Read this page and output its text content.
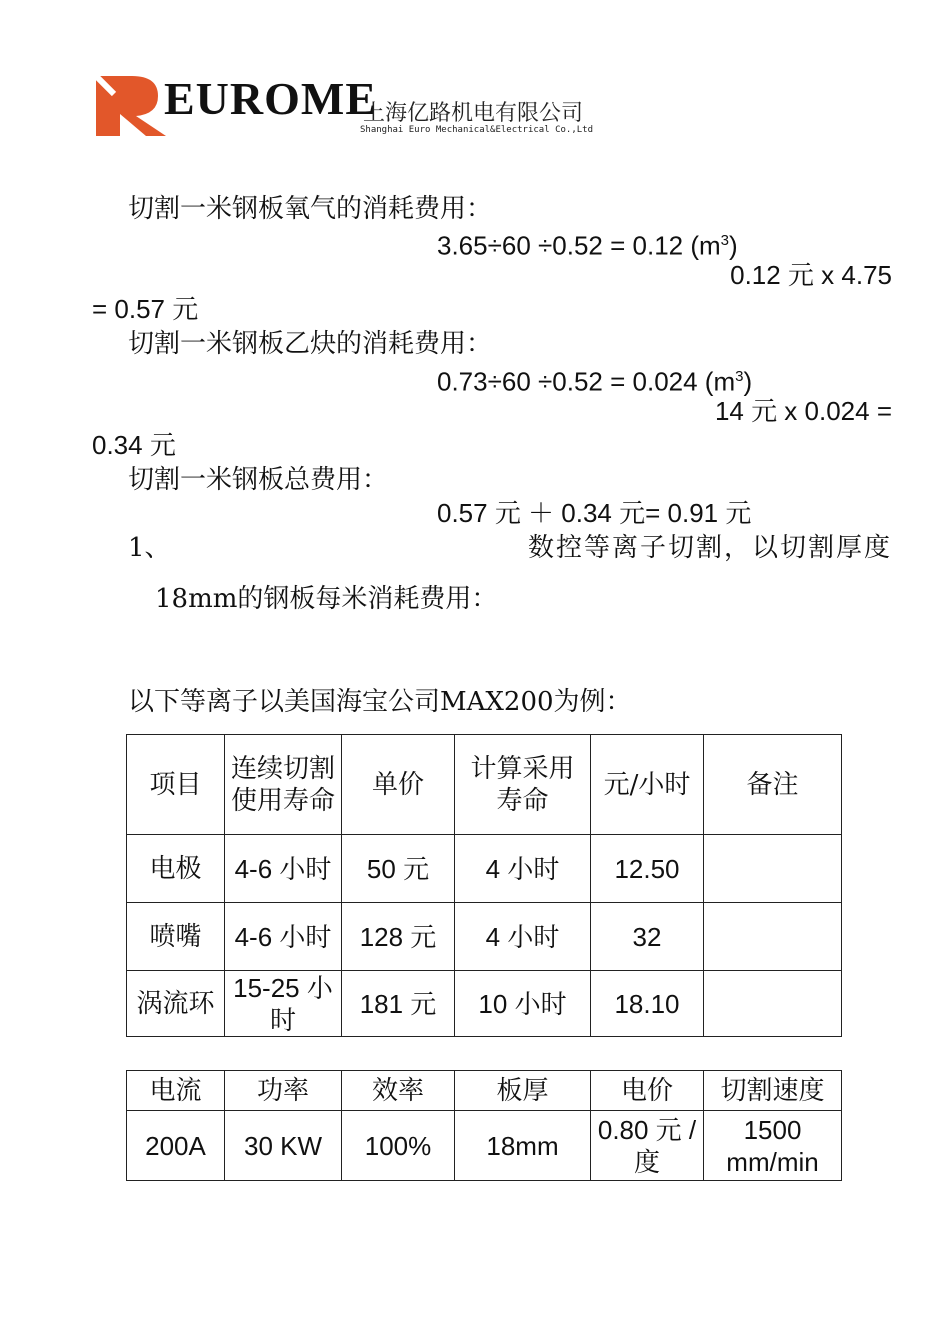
EUROME
上海亿路机电有限公司
Shanghai Euro Mechanical&Electrical Co.,Ltd
切割一米钢板氧气的消耗费用：
3.65÷60 ÷0.52 = 0.12 $(m^3)$
0.12 元 x 4.75
= 0.57 元
切割一米钢板乙炔的消耗费用：
0.73÷60 ÷0.52 = 0.024 $(m^3)$
14 元 x 0.024 =
0.34 元
切割一米钢板总费用：
0.57 元 ＋ 0.34 元= 0.91 元
1、	数控等离子切割，以切割厚度
18mm的钢板每米消耗费用：
以下等离子以美国海宝公司MAX200为例：
项目	连续切割使用寿命	单价	计算采用寿命	元/小时	备注
电极	4-6 小时	50 元	4 小时	12.50	
喷嘴	4-6 小时	128 元	4 小时	32	
涡流环	15-25 小时	181 元	10 小时	18.10	
电流	功率	效率	板厚	电价	切割速度
200A	30 KW	100%	18mm	0.80 元 /度	1500 mm/min
